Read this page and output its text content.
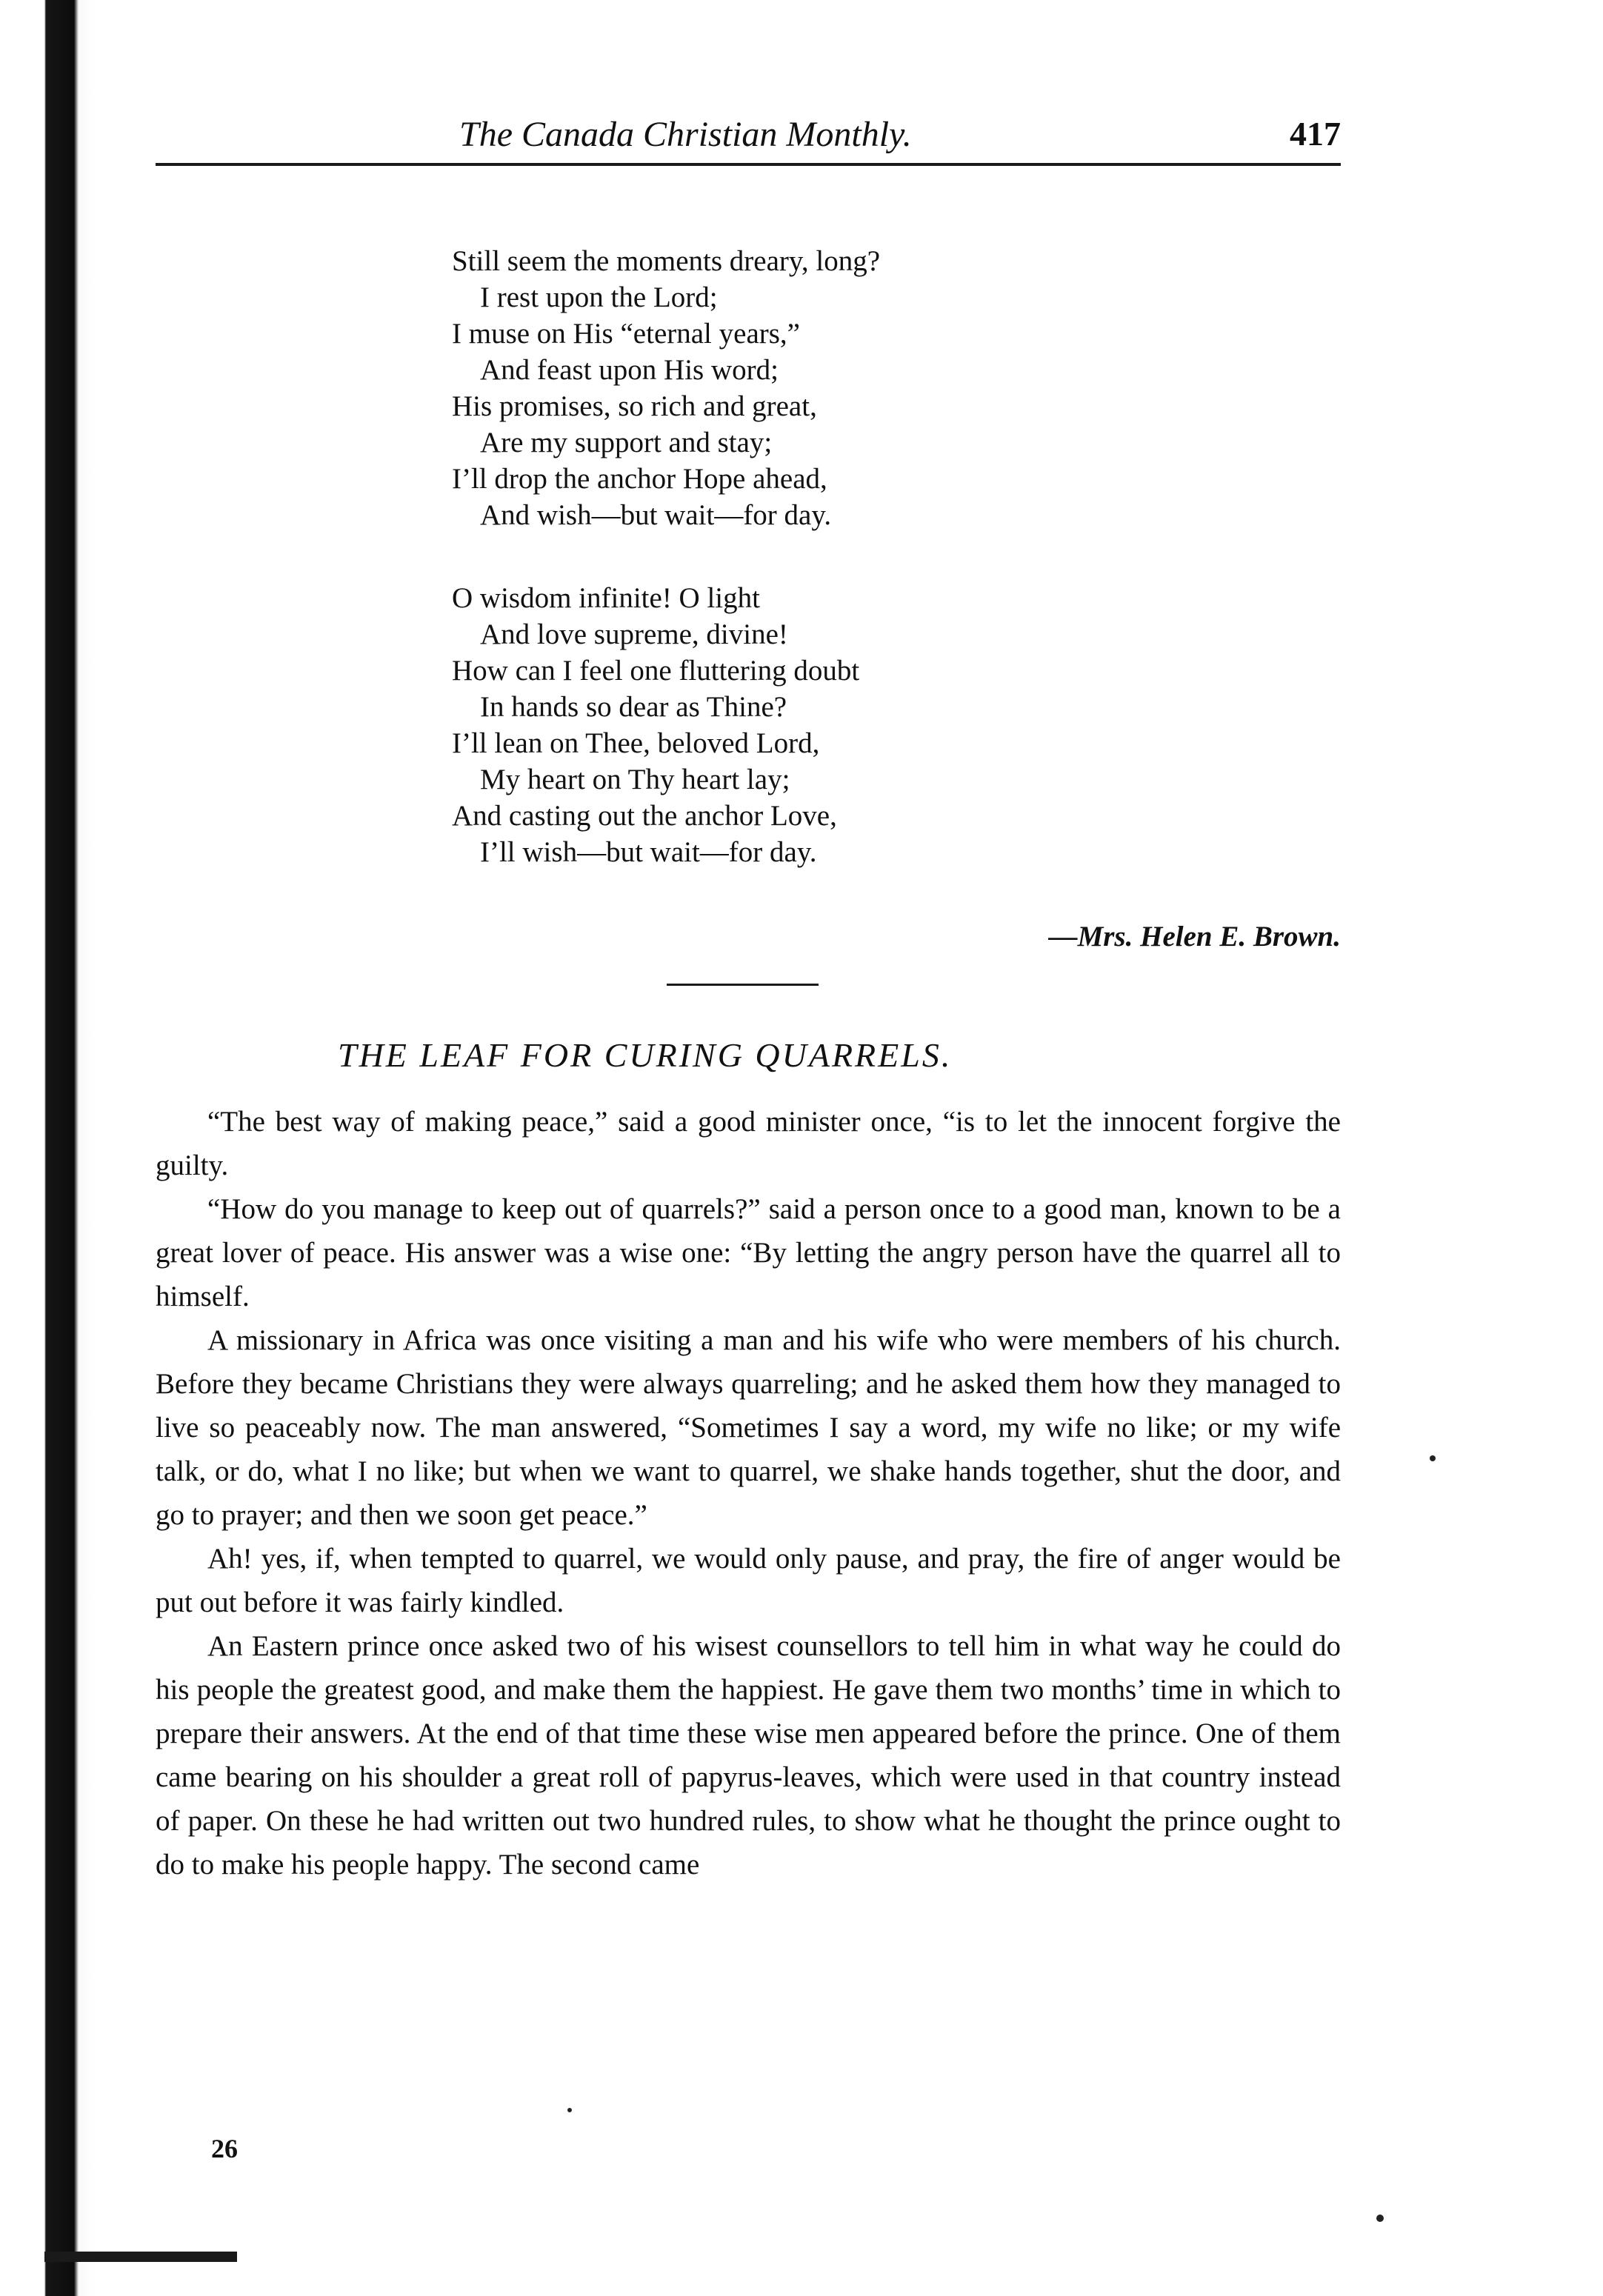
The Canada Christian Monthly.	417
Still seem the moments dreary, long?
I rest upon the Lord;
I muse on His “eternal years,”
And feast upon His word;
His promises, so rich and great,
Are my support and stay;
I’ll drop the anchor Hope ahead,
And wish—but wait—for day.
O wisdom infinite! O light
And love supreme, divine!
How can I feel one fluttering doubt
In hands so dear as Thine?
I’ll lean on Thee, beloved Lord,
My heart on Thy heart lay;
And casting out the anchor Love,
I’ll wish—but wait—for day.
—Mrs. Helen E. Brown.
THE LEAF FOR CURING QUARRELS.

“The best way of making peace,” said a good minister once, “is to let the innocent forgive the guilty.

“How do you manage to keep out of quarrels?” said a person once to a good man, known to be a great lover of peace. His answer was a wise one: “By letting the angry person have the quarrel all to himself.

A missionary in Africa was once visiting a man and his wife who were members of his church. Before they became Christians they were always quarreling; and he asked them how they managed to live so peaceably now. The man answered, “Sometimes I say a word, my wife no like; or my wife talk, or do, what I no like; but when we want to quarrel, we shake hands together, shut the door, and go to prayer; and then we soon get peace.”

Ah! yes, if, when tempted to quarrel, we would only pause, and pray, the fire of anger would be put out before it was fairly kindled.

An Eastern prince once asked two of his wisest counsellors to tell him in what way he could do his people the greatest good, and make them the happiest. He gave them two months’ time in which to prepare their answers. At the end of that time these wise men appeared before the prince. One of them came bearing on his shoulder a great roll of papyrus-leaves, which were used in that country instead of paper. On these he had written out two hundred rules, to show what he thought the prince ought to do to make his people happy. The second came

26
